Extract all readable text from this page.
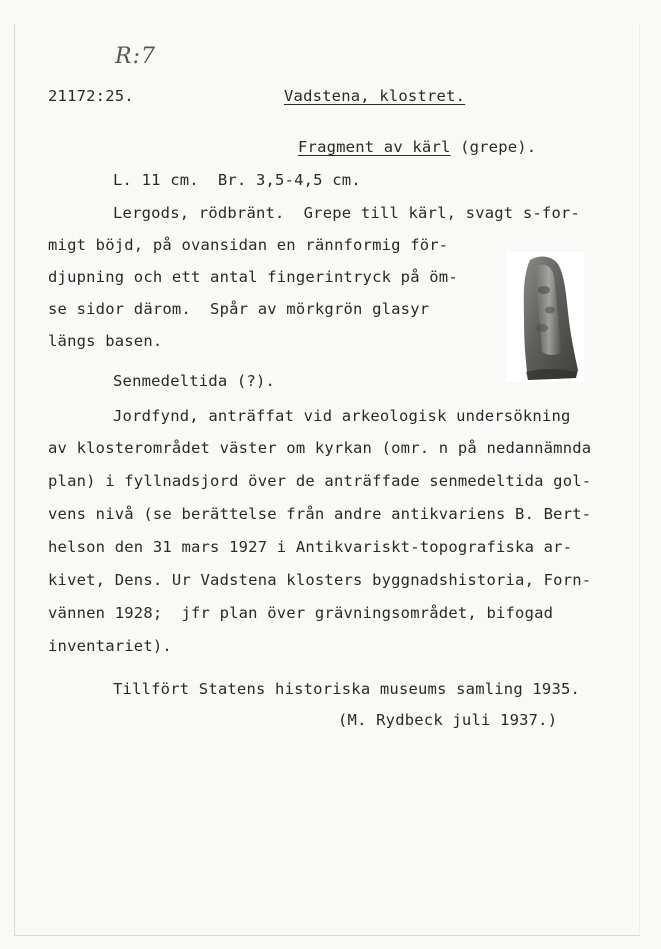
R:7
21172:25.	Vadstena, klostret.
Fragment av kärl (grepe).
L. 11 cm.  Br. 3,5-4,5 cm.
Lergods, rödbränt.  Grepe till kärl, svagt s-for-
migt böjd, på ovansidan en rännformig för-
djupning och ett antal fingerintryck på öm-
se sidor därom.  Spår av mörkgrön glasyr
längs basen.
Senmedeltida (?).
Jordfynd, anträffat vid arkeologisk undersökning
av klosterområdet väster om kyrkan (omr. n på nedannämnda
plan) i fyllnadsjord över de anträffade senmedeltida gol-
vens nivå (se berättelse från andre antikvariens B. Bert-
helson den 31 mars 1927 i Antikvariskt-topografiska ar-
kivet, Dens. Ur Vadstena klosters byggnadshistoria, Forn-
vännen 1928;  jfr plan över grävningsområdet, bifogad
inventariet).
Tillfört Statens historiska museums samling 1935.
(M. Rydbeck juli 1937.)
